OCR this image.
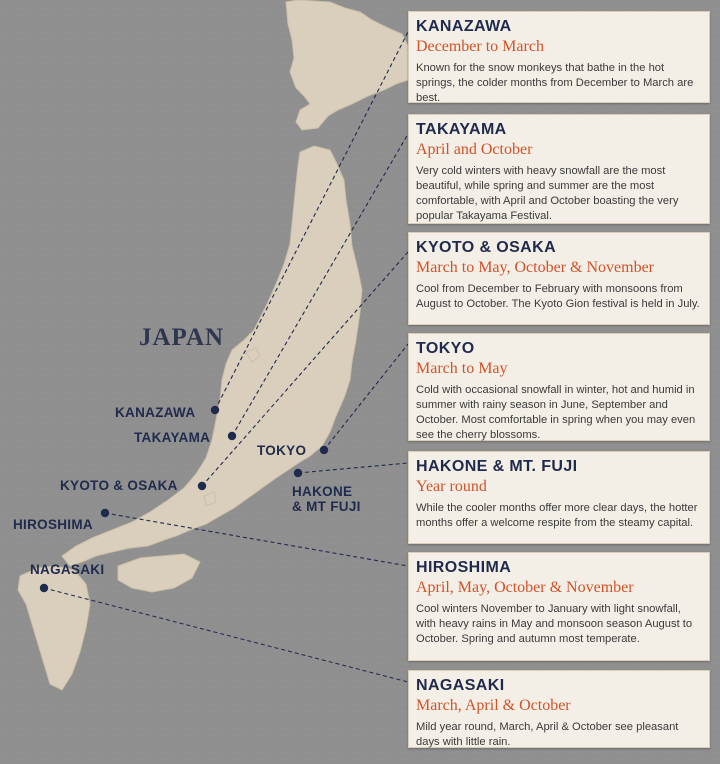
JAPAN
KANAZAWA
TAKAYAMA
KYOTO & OSAKA
TOKYO
HAKONE
& MT FUJI
HIROSHIMA
NAGASAKI
KANAZAWA
December to March
Known for the snow monkeys that bathe in the hot springs, the colder months from December to March are best.
TAKAYAMA
April and October
Very cold winters with heavy snowfall are the most beautiful, while spring and summer are the most comfortable, with April and October boasting the very popular Takayama Festival.
KYOTO & OSAKA
March to May, October & November
Cool from December to February with monsoons from August to October. The Kyoto Gion festival is held in July.
TOKYO
March to May
Cold with occasional snowfall in winter, hot and humid in summer with rainy season in June, September and October. Most comfortable in spring when you may even see the cherry blossoms.
HAKONE & MT. FUJI
Year round
While the cooler months offer more clear days, the hotter months offer a welcome respite from the steamy capital.
HIROSHIMA
April, May, October & November
Cool winters November to January with light snowfall, with heavy rains in May and monsoon season August to October. Spring and autumn most temperate.
NAGASAKI
March, April & October
Mild year round, March, April & October see pleasant days with little rain.
